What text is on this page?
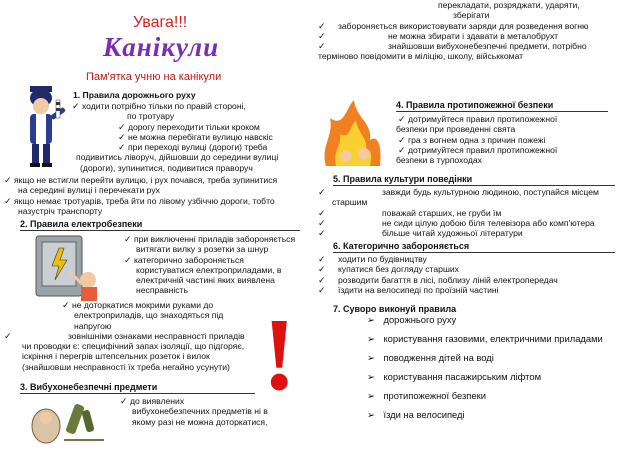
Увага!!!
Канікули
Пам'ятка учню на канікули
1. Правила дорожнього руху
✓ ходити потрібно тільки по правій стороні,
по тротуару
✓ дорогу переходити тільки кроком
✓ не можна перебігати вулицю навскіс
✓ при переході вулиці (дороги) треба
подивитись ліворуч, дійшовши до середини вулиці
(дороги), зупинитися, подивитися праворуч
✓ якщо не встигли перейти вулицю, і рух почався, треба зупинитися
на середині вулиці і перечекати рух
✓ якщо немає тротуарів, треба йти по лівому узбіччю дороги, тобто
назустріч транспорту
2. Правила електробезпеки
✓ при виключенні приладів забороняється
витягати вилку з розетки за шнур
✓ категорично забороняється
користуватися електроприладами, в
електричній частині яких виявлена
несправність
✓ не доторкатися мокрими руками до
електроприладів, що знаходяться під
напругою
✓	зовнішніми ознаками несправності приладів
чи проводки є: специфічний запах ізоляції, що підгоряє,
іскріння і перегрів штепсельних розеток і вилок
(знайшовши несправності їх треба негайно усунути) !
3. Вибухонебезпечні предмети
✓ до виявлених
вибухонебезпечних предметів ні в
якому разі не можна доторкатися,
перекладати, розряджати, ударяти,
зберігати
✓ забороняється використовувати заряди для розведення вогню
✓	не можна збирати і здавати в металобрухт
✓	знайшовши вибухонебезпечні предмети, потрібно
терміново повідомити в міліцію, школу, військкомат
4. Правила протипожежної безпеки
✓ дотримуйтеся правил протипожежної
безпеки при проведенні свята
✓ гра з вогнем одна з причин пожежі
✓ дотримуйтеся правил протипожежної
безпеки в турпоходах
5. Правила культури поведінки
✓	завжди будь культурною людиною, поступайся місцем
старшим
✓	поважай старших, не груби їм
✓	не сиди цілую добою біля телевізора або комп'ютера
✓	більше читай художньої літератури
6. Категорично забороняється
✓ ходити по будівництву
✓ купатися без догляду старших
✓ розводити багаття в лісі, поблизу ліній електропередач
✓ їздити на велосипеді по проїзній частині
7. Суворо виконуй правила
➢ дорожнього руху
➢ користування газовими, електричними приладами
➢ поводження дітей на воді
➢ користування пасажирським ліфтом
➢ протипожежної безпеки
➢ їзди на велосипеді
